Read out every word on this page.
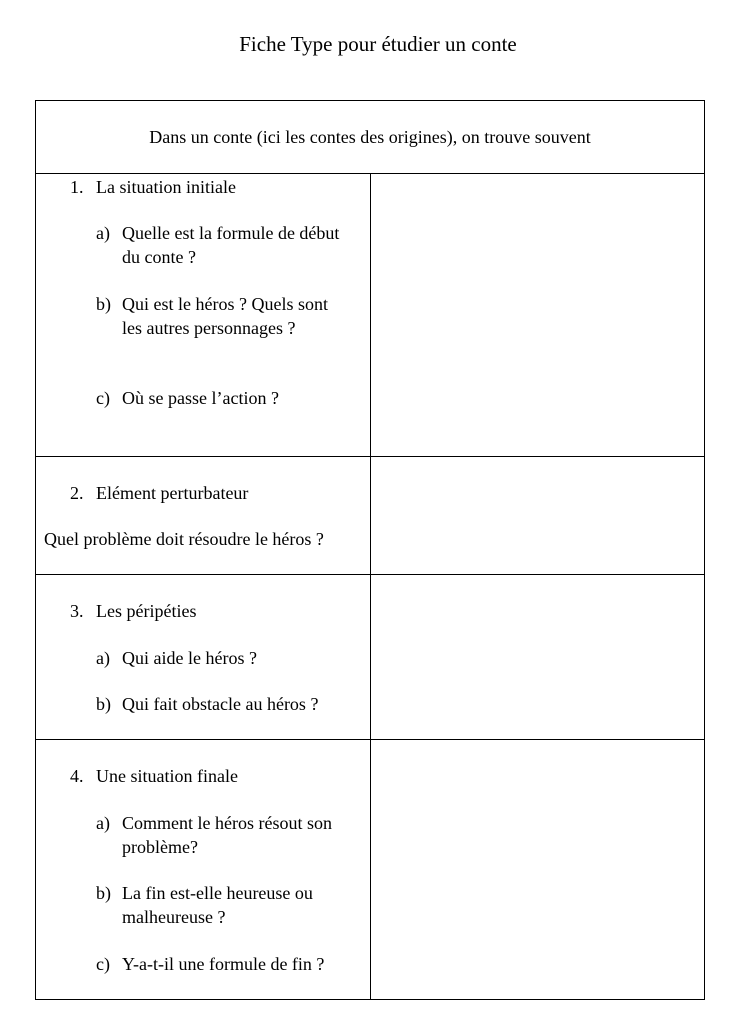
Fiche Type pour étudier un conte
Dans un conte (ici les contes des origines), on trouve souvent
1. La situation initiale
a) Quelle est la formule de début du conte ?
b) Qui est le héros ? Quels sont les autres personnages ?
c) Où se passe l’action ?
2. Elément perturbateur
Quel problème doit résoudre le héros ?
3. Les péripéties
a) Qui aide le héros ?
b) Qui fait obstacle au héros ?
4. Une situation finale
a) Comment le héros résout son problème?
b) La fin est-elle heureuse ou malheureuse ?
c) Y-a-t-il une formule de fin ?
